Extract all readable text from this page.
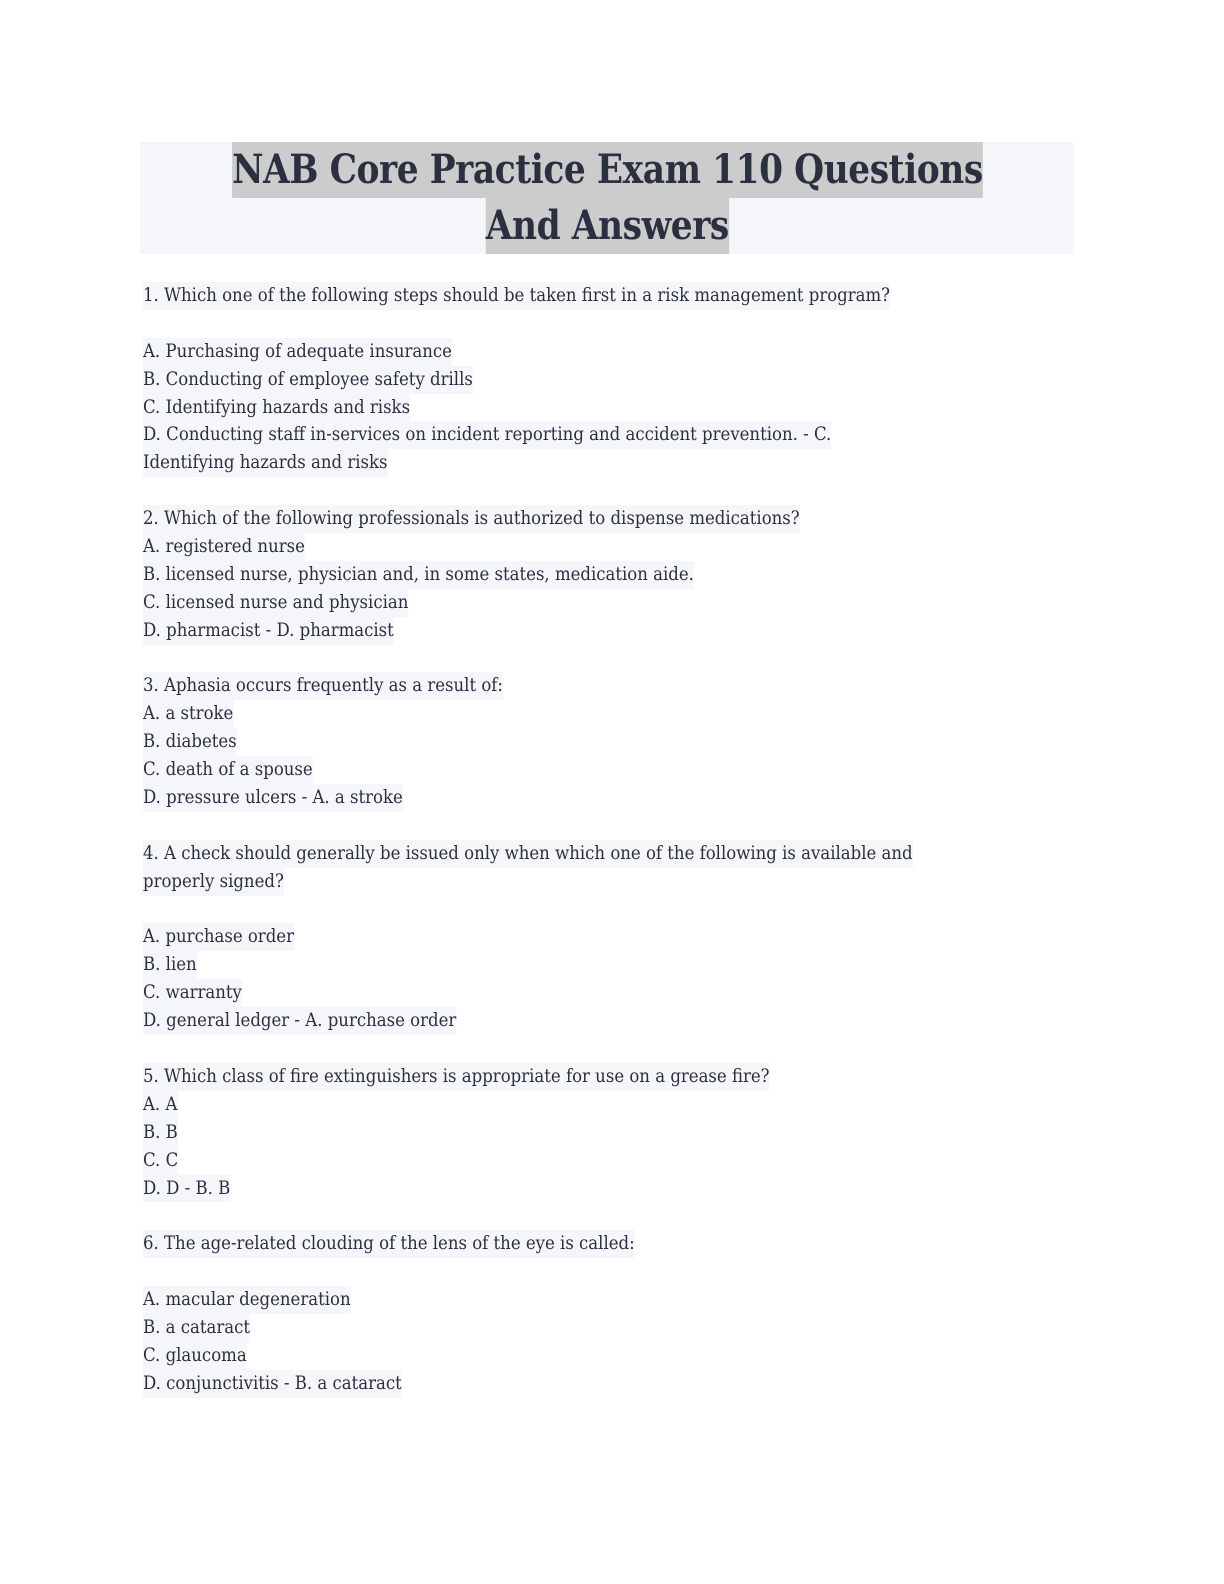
NAB Core Practice Exam 110 Questions
And Answers
1. Which one of the following steps should be taken first in a risk management program?
A. Purchasing of adequate insurance
B. Conducting of employee safety drills
C. Identifying hazards and risks
D. Conducting staff in-services on incident reporting and accident prevention. - C.
Identifying hazards and risks
2. Which of the following professionals is authorized to dispense medications?
A. registered nurse
B. licensed nurse, physician and, in some states, medication aide.
C. licensed nurse and physician
D. pharmacist - D. pharmacist
3. Aphasia occurs frequently as a result of:
A. a stroke
B. diabetes
C. death of a spouse
D. pressure ulcers - A. a stroke
4. A check should generally be issued only when which one of the following is available and
properly signed?
A. purchase order
B. lien
C. warranty
D. general ledger - A. purchase order
5. Which class of fire extinguishers is appropriate for use on a grease fire?
A. A
B. B
C. C
D. D - B. B
6. The age-related clouding of the lens of the eye is called:
A. macular degeneration
B. a cataract
C. glaucoma
D. conjunctivitis - B. a cataract
